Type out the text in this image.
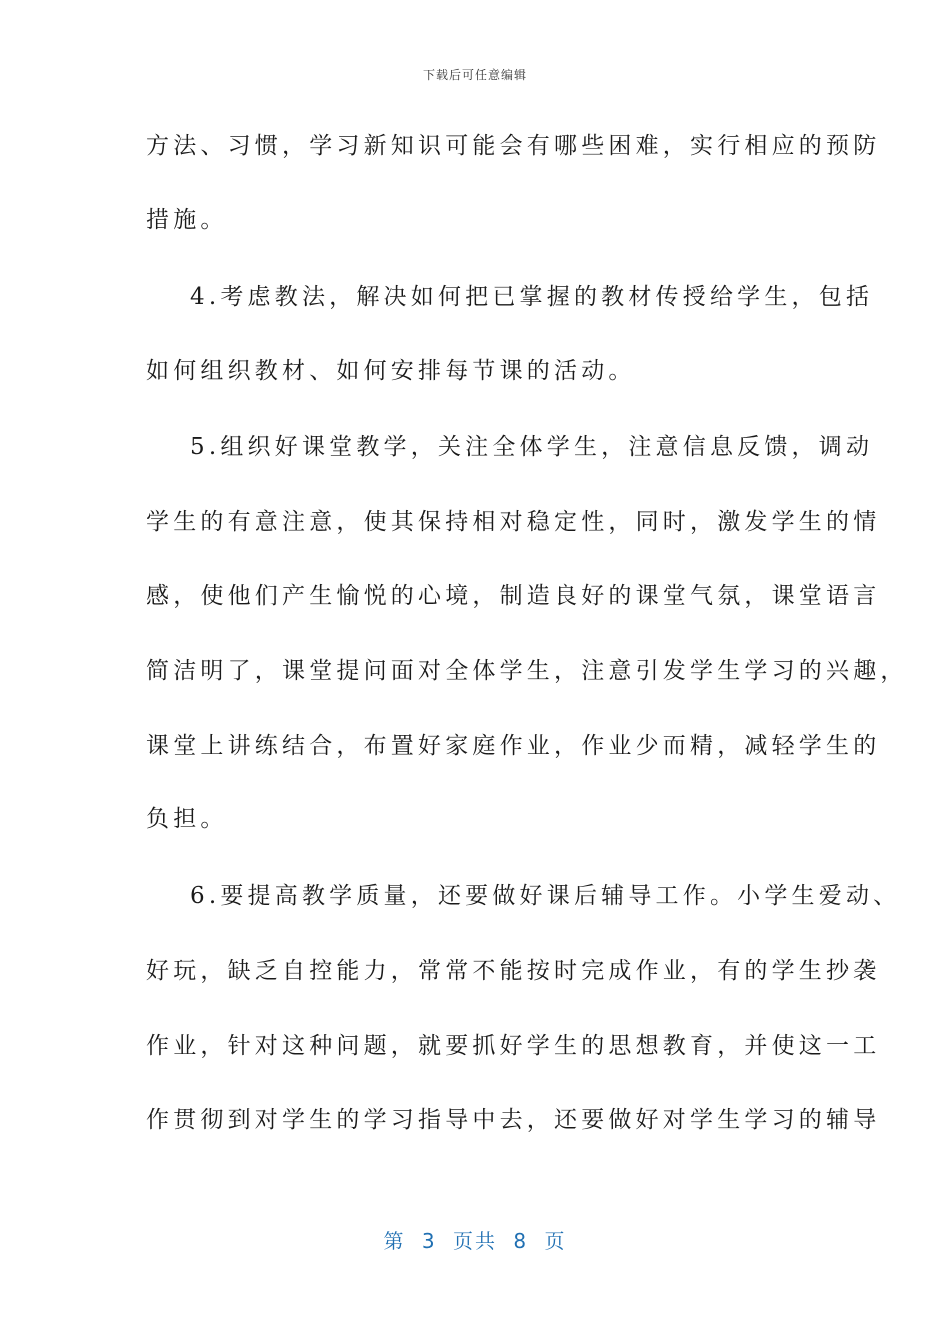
下载后可任意编辑
方法、习惯，学习新知识可能会有哪些困难，实行相应的预防
措施。
4.考虑教法，解决如何把已掌握的教材传授给学生，包括
如何组织教材、如何安排每节课的活动。
5.组织好课堂教学，关注全体学生，注意信息反馈，调动
学生的有意注意，使其保持相对稳定性，同时，激发学生的情
感，使他们产生愉悦的心境，制造良好的课堂气氛，课堂语言
简洁明了，课堂提问面对全体学生，注意引发学生学习的兴趣，
课堂上讲练结合，布置好家庭作业，作业少而精，减轻学生的
负担。
6.要提高教学质量，还要做好课后辅导工作。小学生爱动、
好玩，缺乏自控能力，常常不能按时完成作业，有的学生抄袭
作业，针对这种问题，就要抓好学生的思想教育，并使这一工
作贯彻到对学生的学习指导中去，还要做好对学生学习的辅导
第 3 页共 8 页
